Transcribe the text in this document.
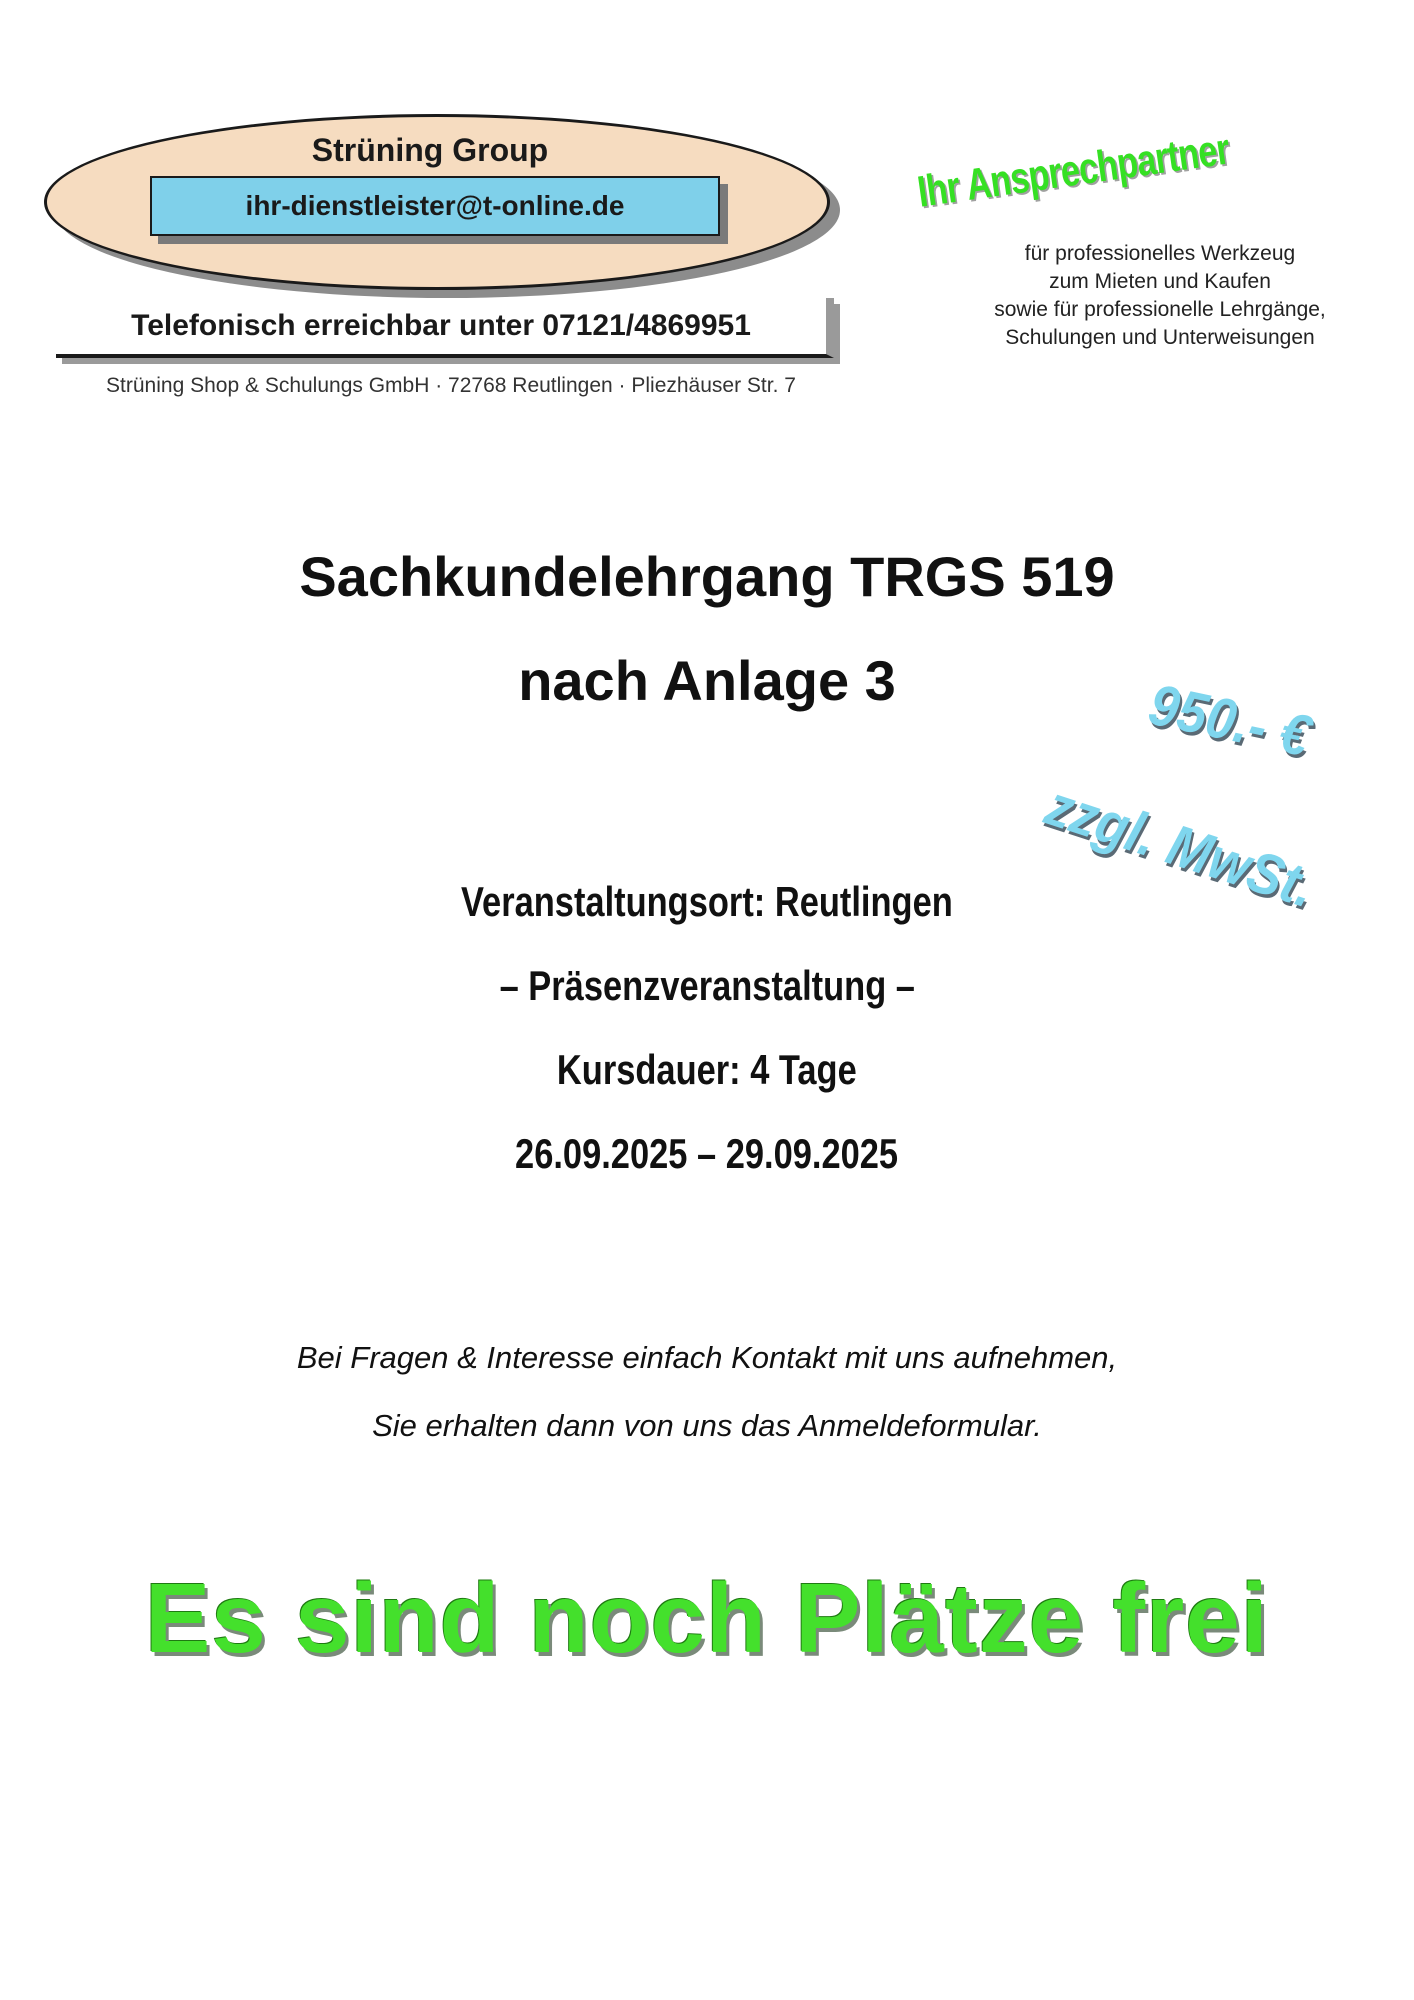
Strüning Group
ihr-dienstleister@t-online.de
Telefonisch erreichbar unter 07121/4869951
Strüning Shop & Schulungs GmbH · 72768 Reutlingen · Pliezhäuser Str. 7
Ihr Ansprechpartner
für professionelles Werkzeug
zum Mieten und Kaufen
sowie für professionelle Lehrgänge,
Schulungen und Unterweisungen
Sachkundelehrgang TRGS 519
nach Anlage 3	950.- €
zzgl. MwSt.
Veranstaltungsort: Reutlingen
– Präsenzveranstaltung –
Kursdauer: 4 Tage
26.09.2025 – 29.09.2025
Bei Fragen & Interesse einfach Kontakt mit uns aufnehmen,
Sie erhalten dann von uns das Anmeldeformular.
Es sind noch Plätze frei
